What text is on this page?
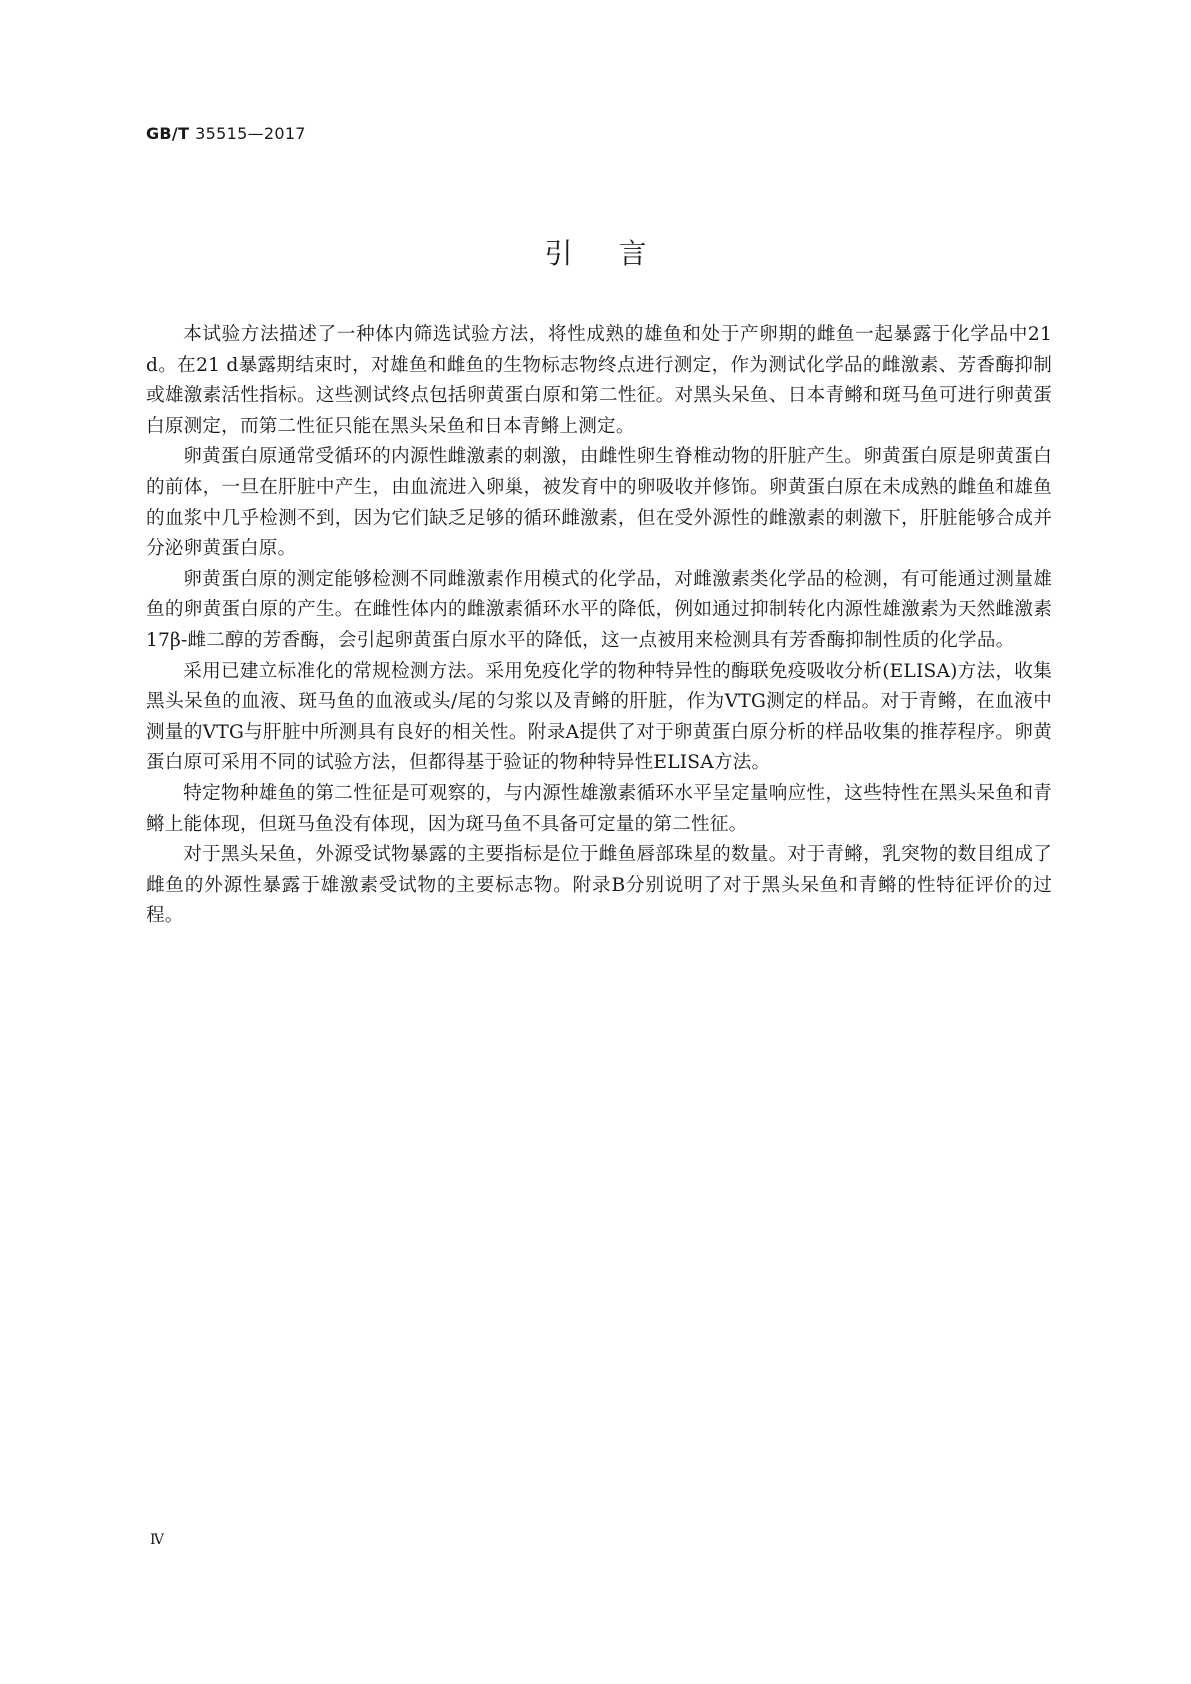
GB/T 35515—2017
引言

本试验方法描述了一种体内筛选试验方法，将性成熟的雄鱼和处于产卵期的雌鱼一起暴露于化学品中21 d。在21 d暴露期结束时，对雄鱼和雌鱼的生物标志物终点进行测定，作为测试化学品的雌激素、芳香酶抑制或雄激素活性指标。这些测试终点包括卵黄蛋白原和第二性征。对黑头呆鱼、日本青鳉和斑马鱼可进行卵黄蛋白原测定，而第二性征只能在黑头呆鱼和日本青鳉上测定。

卵黄蛋白原通常受循环的内源性雌激素的刺激，由雌性卵生脊椎动物的肝脏产生。卵黄蛋白原是卵黄蛋白的前体，一旦在肝脏中产生，由血流进入卵巢，被发育中的卵吸收并修饰。卵黄蛋白原在未成熟的雌鱼和雄鱼的血浆中几乎检测不到，因为它们缺乏足够的循环雌激素，但在受外源性的雌激素的刺激下，肝脏能够合成并分泌卵黄蛋白原。

卵黄蛋白原的测定能够检测不同雌激素作用模式的化学品，对雌激素类化学品的检测，有可能通过测量雄鱼的卵黄蛋白原的产生。在雌性体内的雌激素循环水平的降低，例如通过抑制转化内源性雄激素为天然雌激素17β-雌二醇的芳香酶，会引起卵黄蛋白原水平的降低，这一点被用来检测具有芳香酶抑制性质的化学品。

采用已建立标准化的常规检测方法。采用免疫化学的物种特异性的酶联免疫吸收分析(ELISA)方法，收集黑头呆鱼的血液、斑马鱼的血液或头/尾的匀浆以及青鳉的肝脏，作为VTG测定的样品。对于青鳉，在血液中测量的VTG与肝脏中所测具有良好的相关性。附录A提供了对于卵黄蛋白原分析的样品收集的推荐程序。卵黄蛋白原可采用不同的试验方法，但都得基于验证的物种特异性ELISA方法。

特定物种雄鱼的第二性征是可观察的，与内源性雄激素循环水平呈定量响应性，这些特性在黑头呆鱼和青鳉上能体现，但斑马鱼没有体现，因为斑马鱼不具备可定量的第二性征。

对于黑头呆鱼，外源受试物暴露的主要指标是位于雌鱼唇部珠星的数量。对于青鳉，乳突物的数目组成了雌鱼的外源性暴露于雄激素受试物的主要标志物。附录B分别说明了对于黑头呆鱼和青鳉的性特征评价的过程。

Ⅳ
